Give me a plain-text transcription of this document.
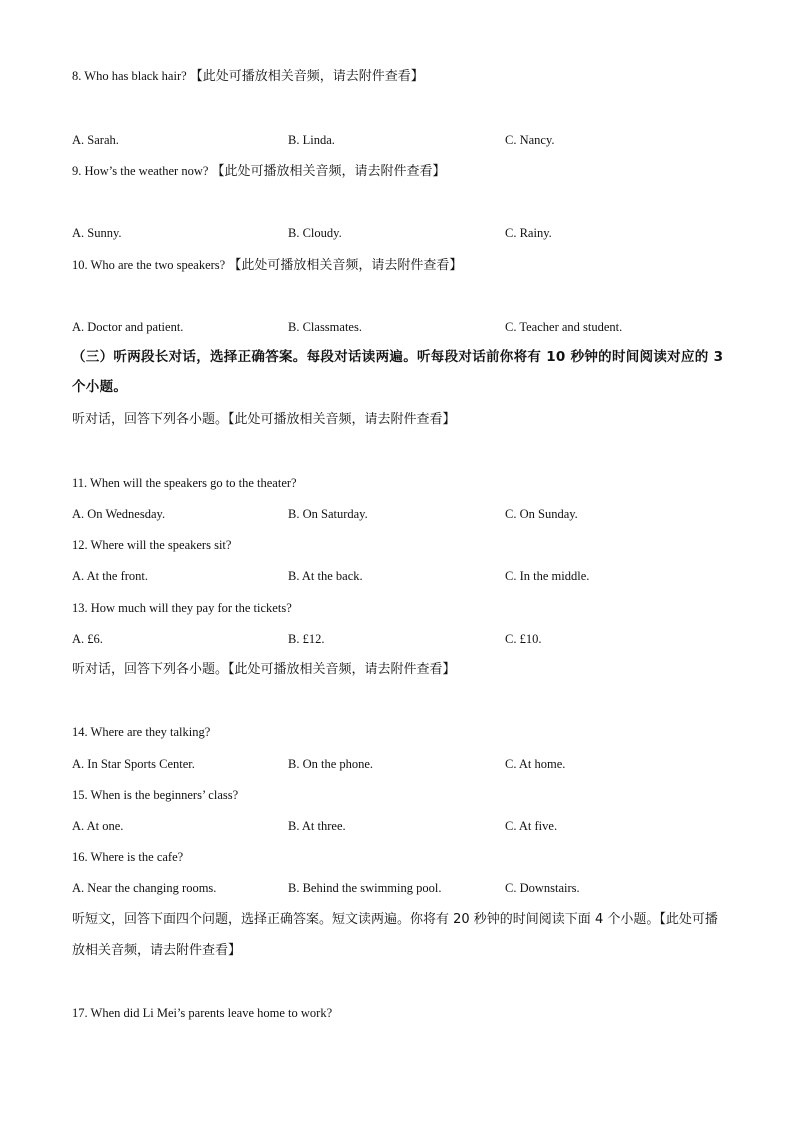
8. Who has black hair? 【此处可播放相关音频，请去附件查看】
A. Sarah.	B. Linda.	C. Nancy.
9. How’s the weather now? 【此处可播放相关音频，请去附件查看】
A. Sunny.	B. Cloudy.	C. Rainy.
10. Who are the two speakers? 【此处可播放相关音频，请去附件查看】
A. Doctor and patient.	B. Classmates.	C. Teacher and student.
（三）听两段长对话，选择正确答案。每段对话读两遍。听每段对话前你将有 10 秒钟的时间阅读对应的 3 个小题。
听对话，回答下列各小题。【此处可播放相关音频，请去附件查看】
11. When will the speakers go to the theater?
A. On Wednesday.	B. On Saturday.	C. On Sunday.
12. Where will the speakers sit?
A. At the front.	B. At the back.	C. In the middle.
13. How much will they pay for the tickets?
A. £6.	B. £12.	C. £10.
听对话，回答下列各小题。【此处可播放相关音频，请去附件查看】
14. Where are they talking?
A. In Star Sports Center.	B. On the phone.	C. At home.
15. When is the beginners’ class?
A. At one.	B. At three.	C. At five.
16. Where is the cafe?
A. Near the changing rooms.	B. Behind the swimming pool.	C. Downstairs.
听短文，回答下面四个问题，选择正确答案。短文读两遍。你将有 20 秒钟的时间阅读下面 4 个小题。【此处可播放相关音频，请去附件查看】
17. When did Li Mei’s parents leave home to work?
